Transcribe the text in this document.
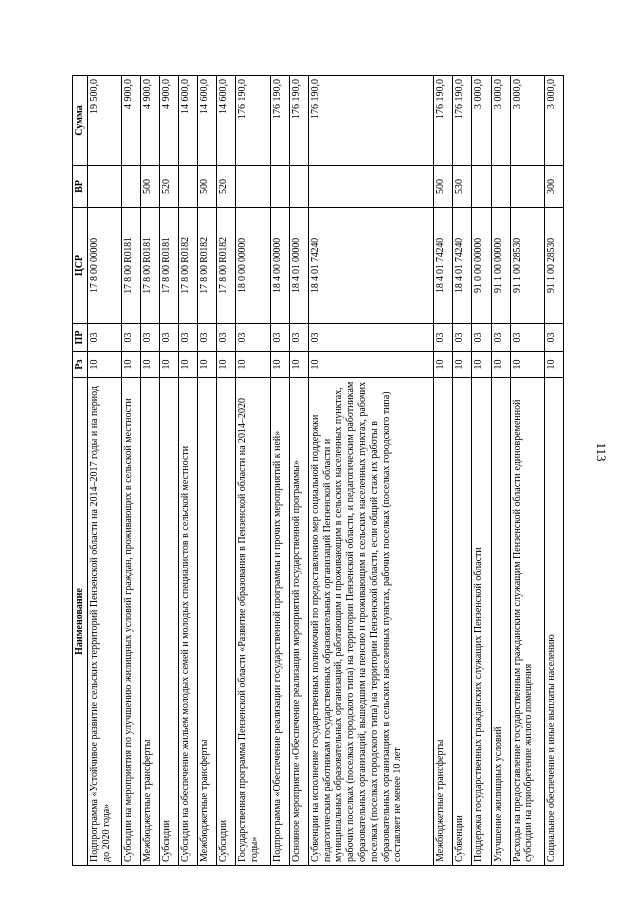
113
Наименование	Рз	ПР	ЦСР	ВР	Сумма
Подпрограмма «Устойчивое развитие сельских территорий Пензенской области на 2014–2017 годы и на период до 2020 года»	10	03	17 8 00 00000		19 500,0
Субсидии на мероприятия по улучшению жилищных условий граждан, проживающих в сельской местности	10	03	17 8 00 R0181		4 900,0
Межбюджетные трансферты	10	03	17 8 00 R0181	500	4 900,0
Субсидии	10	03	17 8 00 R0181	520	4 900,0
Субсидии на обеспечение жильем молодых семей и молодых специалистов в сельской местности	10	03	17 8 00 R0182		14 600,0
Межбюджетные трансферты	10	03	17 8 00 R0182	500	14 600,0
Субсидии	10	03	17 8 00 R0182	520	14 600,0
Государственная программа Пензенской области «Развитие образования в Пензенской области на 2014–2020 годы»	10	03	18 0 00 00000		176 190,0
Подпрограмма «Обеспечение реализации государственной программы и прочих мероприятий к ней»	10	03	18 4 00 00000		176 190,0
Основное мероприятие «Обеспечение реализации мероприятий государственной программы»	10	03	18 4 01 00000		176 190,0
Субвенции на исполнение государственных полномочий по предоставлению мер социальной поддержки педагогическим работникам государственных образовательных организаций Пензенской области и муниципальных образовательных организаций, работающим и проживающим в сельских населенных пунктах, рабочих поселках (поселках городского типа) на территории Пензенской области, и педагогическим работникам образовательных организаций, вышедшим на пенсию и проживающим в сельских населенных пунктах, рабочих поселках (поселках городского типа) на территории Пензенской области, если общий стаж их работы в образовательных организациях в сельских населенных пунктах, рабочих поселках (поселках городского типа) составляет не менее 10 лет	10	03	18 4 01 74240		176 190,0
Межбюджетные трансферты	10	03	18 4 01 74240	500	176 190,0
Субвенции	10	03	18 4 01 74240	530	176 190,0
Поддержка государственных гражданских служащих Пензенской области	10	03	91 0 00 00000		3 000,0
Улучшение жилищных условий	10	03	91 1 00 00000		3 000,0
Расходы на предоставление государственным гражданским служащим Пензенской области единовременной субсидии на приобретение жилого помещения	10	03	91 1 00 28530		3 000,0
Социальное обеспечение и иные выплаты населению	10	03	91 1 00 28530	300	3 000,0
